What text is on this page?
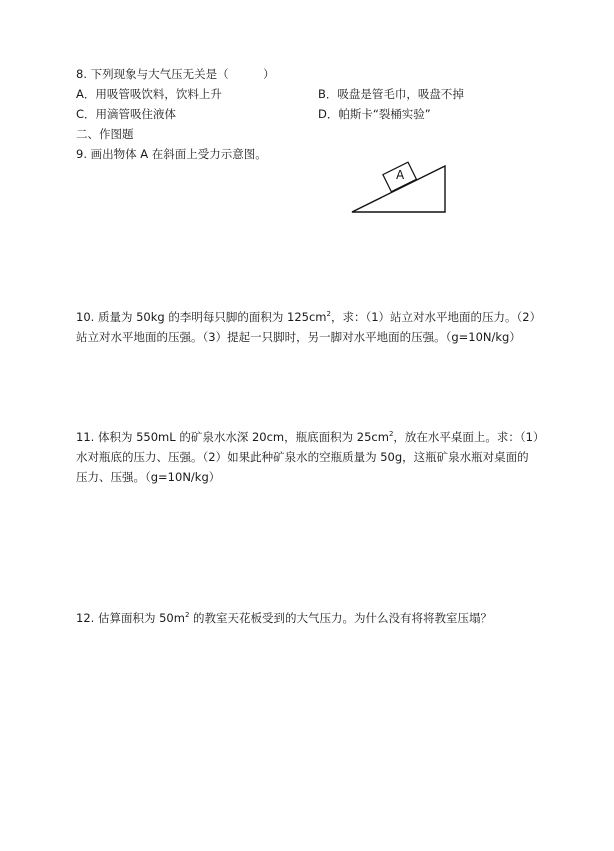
8. 下列现象与大气压无关是（　　　）
A．用吸管吸饮料，饮料上升	B．吸盘是管毛巾，吸盘不掉
C．用滴管吸住液体	D．帕斯卡“裂桶实验”
二、作图题
9. 画出物体 A 在斜面上受力示意图。
A
10. 质量为 50kg 的李明每只脚的面积为 $125cm^2$，求：（1）站立对水平地面的压力。（2）
站立对水平地面的压强。（3）提起一只脚时，另一脚对水平地面的压强。（g=10N/kg）
11. 体积为 550mL 的矿泉水水深 20cm，瓶底面积为 $25cm^2$，放在水平桌面上。求：（1）
水对瓶底的压力、压强。（2）如果此种矿泉水的空瓶质量为 50g，这瓶矿泉水瓶对桌面的
压力、压强。（g=10N/kg）
12. 估算面积为 $50m^2$ 的教室天花板受到的大气压力。为什么没有将将教室压塌？
